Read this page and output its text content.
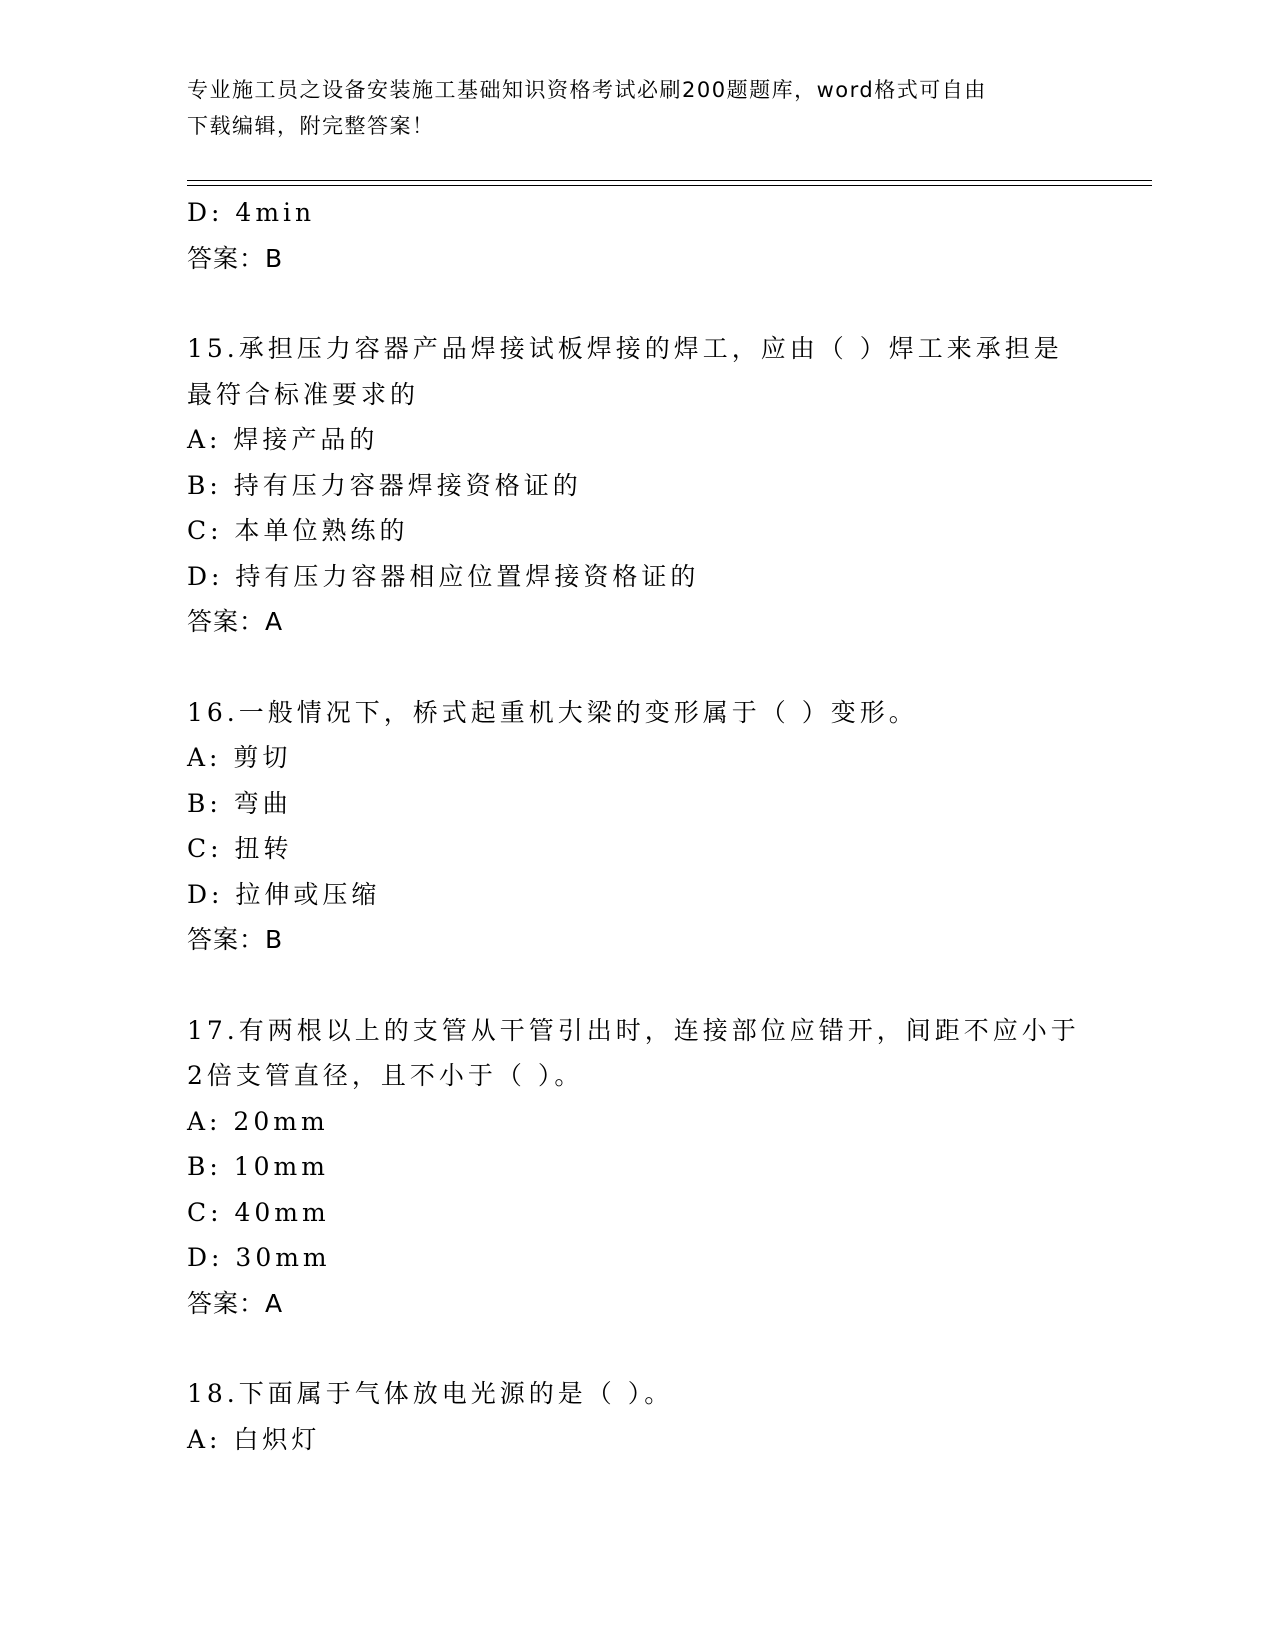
专业施工员之设备安装施工基础知识资格考试必刷200题题库，word格式可自由
下载编辑，附完整答案！
D: 4min
答案：B
15.承担压力容器产品焊接试板焊接的焊工，应由（ ）焊工来承担是
最符合标准要求的
A: 焊接产品的
B: 持有压力容器焊接资格证的
C: 本单位熟练的
D: 持有压力容器相应位置焊接资格证的
答案：A
16.一般情况下，桥式起重机大梁的变形属于（ ）变形。
A: 剪切
B: 弯曲
C: 扭转
D: 拉伸或压缩
答案：B
17.有两根以上的支管从干管引出时，连接部位应错开，间距不应小于
2倍支管直径，且不小于（ ）。
A: 20mm
B: 10mm
C: 40mm
D: 30mm
答案：A
18.下面属于气体放电光源的是（ ）。
A: 白炽灯
